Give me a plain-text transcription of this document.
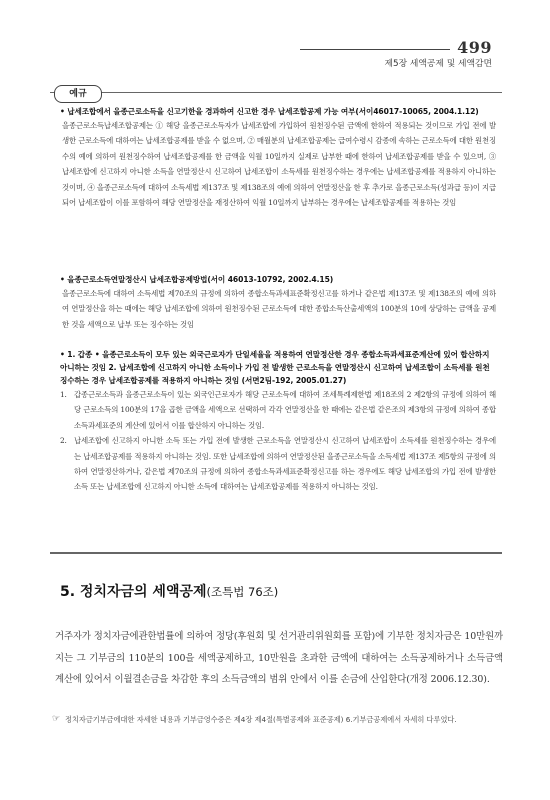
499
제5장 세액공제 및 세액감면
예규
• 납세조합에서 을종근로소득을 신고기한을 경과하여 신고한 경우 납세조합공제 가능 여부(서이46017-10065, 2004.1.12)
을종근로소득납세조합공제는 ① 해당 을종근로소득자가 납세조합에 가입하여 원천징수된 금액에 한하여 적용되는 것이므로 가입 전에 발생한 근로소득에 대하여는 납세조합공제를 받을 수 없으며, ② 매월분의 납세조합공제는 급여수령시 감종에 속하는 근로소득에 대한 원천징수의 예에 의하여 원천징수하여 납세조합공제를 한 금액을 익월 10일까지 실제로 납부한 때에 한하여 납세조합공제를 받을 수 있으며, ③ 납세조합에 신고하지 아니한 소득을 연말정산시 신고하여 납세조합이 소득세를 원천징수하는 경우에는 납세조합공제를 적용하지 아니하는 것이며, ④ 을종근로소득에 대하여 소득세법 제137조 및 제138조의 예에 의하여 연말정산을 한 후 추가로 을종근로소득(성과급 등)이 지급되어 납세조합이 이를 포함하여 해당 연말정산을 재정산하여 익월 10일까지 납부하는 경우에는 납세조합공제를 적용하는 것임
• 을종근로소득연말정산시 납세조합공제방법(서이 46013-10792, 2002.4.15)
을종근로소득에 대하여 소득세법 제70조의 규정에 의하여 종합소득과세표준확정신고를 하거나 같은법 제137조 및 제138조의 예에 의하여 연말정산을 하는 때에는 해당 납세조합에 의하여 원천징수된 근로소득에 대한 종합소득산출세액의 100분의 10에 상당하는 금액을 공제한 것을 세액으로 납부 또는 징수하는 것임
• 1. 갑종 • 을종근로소득이 모두 있는 외국근로자가 단일세율을 적용하여 연말정산한 경우 종합소득과세표준계산에 있어 합산하지 아니하는 것임 2. 납세조합에 신고하지 아니한 소득이나 가입 전 발생한 근로소득을 연말정산시 신고하여 납세조합이 소득세를 원천징수하는 경우 납세조합공제를 적용하지 아니하는 것임 (서면2팀-192, 2005.01.27)
1. 갑종근로소득과 을종근로소득이 있는 외국인근로자가 해당 근로소득에 대하여 조세특례제한법 제18조의 2 제2항의 규정에 의하여 해당 근로소득의 100분의 17을 곱한 금액을 세액으로 선택하여 각각 연말정산을 한 때에는 같은법 같은조의 제3항의 규정에 의하여 종합소득과세표준의 계산에 있어서 이를 합산하지 아니하는 것임.
2. 납세조합에 신고하지 아니한 소득 또는 가입 전에 발생한 근로소득을 연말정산시 신고하여 납세조합이 소득세를 원천징수하는 경우에는 납세조합공제를 적용하지 아니하는 것임. 또한 납세조합에 의하여 연말정산된 을종근로소득을 소득세법 제137조 제5항의 규정에 의하여 연말정산하거나, 같은법 제70조의 규정에 의하여 종합소득과세표준확정신고를 하는 경우에도 해당 납세조합의 가입 전에 발생한 소득 또는 납세조합에 신고하지 아니한 소득에 대하여는 납세조합공제를 적용하지 아니하는 것임.
5. 정치자금의 세액공제(조특법 76조)
거주자가 정치자금에관한법률에 의하여 정당(후원회 및 선거관리위원회를 포함)에 기부한 정치자금은 10만원까지는 그 기부금의 110분의 100을 세액공제하고, 10만원을 초과한 금액에 대하여는 소득공제하거나 소득금액계산에 있어서 이월결손금을 차감한 후의 소득금액의 범위 안에서 이를 손금에 산입한다(개정 2006.12.30).
☞ 정치자금기부금에대한 자세한 내용과 기부금영수증은 제4장 제4절(특별공제와 표준공제) 6.기부금공제에서 자세히 다루었다.
